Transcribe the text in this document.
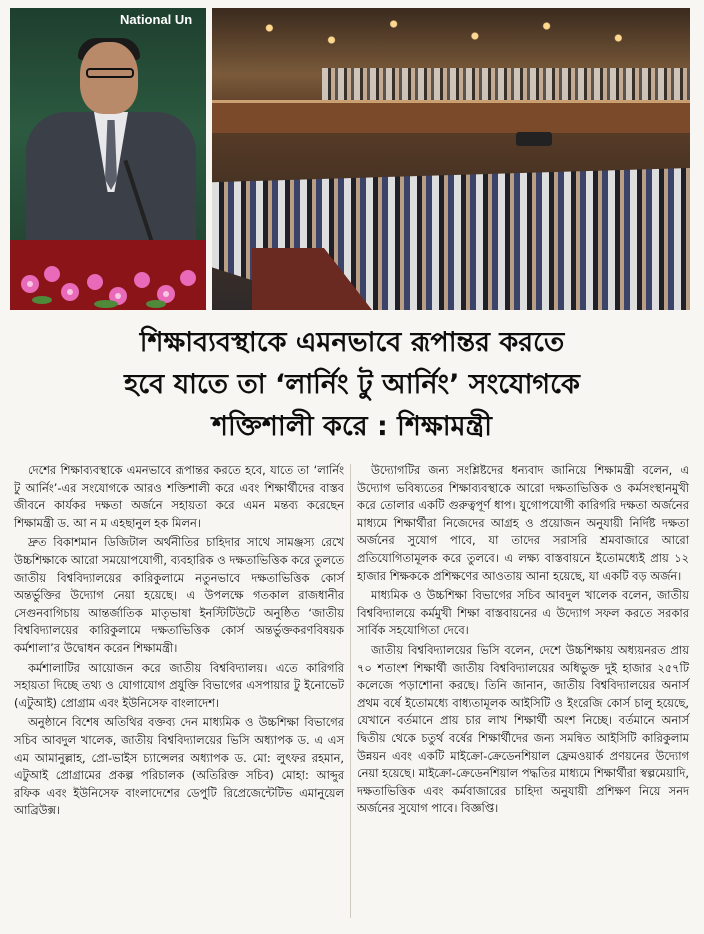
National Un
শিক্ষাব্যবস্থাকে এমনভাবে রূপান্তর করতে
হবে যাতে তা ‘লার্নিং টু আর্নিং’ সংযোগকে
শক্তিশালী করে : শিক্ষামন্ত্রী

দেশের শিক্ষাব্যবস্থাকে এমনভাবে রূপান্তর করতে হবে, যাতে তা ‘লার্নিং টু আর্নিং’-এর সংযোগকে আরও শক্তিশালী করে এবং শিক্ষার্থীদের বাস্তব জীবনে কার্যকর দক্ষতা অর্জনে সহায়তা করে এমন মন্তব্য করেছেন শিক্ষামন্ত্রী ড. আ ন ম এহছানুল হক মিলন।

দ্রুত বিকাশমান ডিজিটাল অর্থনীতির চাহিদার সাথে সামঞ্জস্য রেখে উচ্চশিক্ষাকে আরো সময়োপযোগী, ব্যবহারিক ও দক্ষতাভিত্তিক করে তুলতে জাতীয় বিশ্ববিদ্যালয়ের কারিকুলামে নতুনভাবে দক্ষতাভিত্তিক কোর্স অন্তর্ভুক্তির উদ্যোগ নেয়া হয়েছে। এ উপলক্ষে গতকাল রাজধানীর সেগুনবাগিচায় আন্তর্জাতিক মাতৃভাষা ইনস্টিটিউটে অনুষ্ঠিত ‘জাতীয় বিশ্ববিদ্যালয়ের কারিকুলামে দক্ষতাভিত্তিক কোর্স অন্তর্ভুক্তকরণবিষয়ক কর্মশালা’র উদ্বোধন করেন শিক্ষামন্ত্রী।

কর্মশালাটির আয়োজন করে জাতীয় বিশ্ববিদ্যালয়। এতে কারিগরি সহায়তা দিচ্ছে তথ্য ও যোগাযোগ প্রযুক্তি বিভাগের এসপায়ার টু ইনোভেট (এটুআই) প্রোগ্রাম এবং ইউনিসেফ বাংলাদেশ।

অনুষ্ঠানে বিশেষ অতিথির বক্তব্য দেন মাধ্যমিক ও উচ্চশিক্ষা বিভাগের সচিব আবদুল খালেক, জাতীয় বিশ্ববিদ্যালয়ের ভিসি অধ্যাপক ড. এ এস এম আমানুল্লাহ, প্রো-ভাইস চ্যান্সেলর অধ্যাপক ড. মো: লুৎফর রহমান, এটুআই প্রোগ্রামের প্রকল্প পরিচালক (অতিরিক্ত সচিব) মোহা: আব্দুর রফিক এবং ইউনিসেফ বাংলাদেশের ডেপুটি রিপ্রেজেন্টেটিভ এমানুয়েল আব্রিউক্স।

উদ্যোগটির জন্য সংশ্লিষ্টদের ধন্যবাদ জানিয়ে শিক্ষামন্ত্রী বলেন, এ উদ্যোগ ভবিষ্যতের শিক্ষাব্যবস্থাকে আরো দক্ষতাভিত্তিক ও কর্মসংস্থানমুখী করে তোলার একটি গুরুত্বপূর্ণ ধাপ। যুগোপযোগী কারিগরি দক্ষতা অর্জনের মাধ্যমে শিক্ষার্থীরা নিজেদের আগ্রহ ও প্রয়োজন অনুযায়ী নির্দিষ্ট দক্ষতা অর্জনের সুযোগ পাবে, যা তাদের সরাসরি শ্রমবাজারে আরো প্রতিযোগিতামূলক করে তুলবে। এ লক্ষ্য বাস্তবায়নে ইতোমধ্যেই প্রায় ১২ হাজার শিক্ষককে প্রশিক্ষণের আওতায় আনা হয়েছে, যা একটি বড় অর্জন।

মাধ্যমিক ও উচ্চশিক্ষা বিভাগের সচিব আবদুল খালেক বলেন, জাতীয় বিশ্ববিদ্যালয়ে কর্মমুখী শিক্ষা বাস্তবায়নের এ উদ্যোগ সফল করতে সরকার সার্বিক সহযোগিতা দেবে।

জাতীয় বিশ্ববিদ্যালয়ের ভিসি বলেন, দেশে উচ্চশিক্ষায় অধ্যয়নরত প্রায় ৭০ শতাংশ শিক্ষার্থী জাতীয় বিশ্ববিদ্যালয়ের অধিভুক্ত দুই হাজার ২৫৭টি কলেজে পড়াশোনা করছে। তিনি জানান, জাতীয় বিশ্ববিদ্যালয়ের অনার্স প্রথম বর্ষে ইতোমধ্যে বাধ্যতামূলক আইসিটি ও ইংরেজি কোর্স চালু হয়েছে, যেখানে বর্তমানে প্রায় চার লাখ শিক্ষার্থী অংশ নিচ্ছে। বর্তমানে অনার্স দ্বিতীয় থেকে চতুর্থ বর্ষের শিক্ষার্থীদের জন্য সমন্বিত আইসিটি কারিকুলাম উন্নয়ন এবং একটি মাইক্রো-ক্রেডেনশিয়াল ফ্রেমওয়ার্ক প্রণয়নের উদ্যোগ নেয়া হয়েছে। মাইক্রো-ক্রেডেনশিয়াল পদ্ধতির মাধ্যমে শিক্ষার্থীরা স্বল্পমেয়াদি, দক্ষতাভিত্তিক এবং কর্মবাজারের চাহিদা অনুযায়ী প্রশিক্ষণ নিয়ে সনদ অর্জনের সুযোগ পাবে। বিজ্ঞপ্তি।
